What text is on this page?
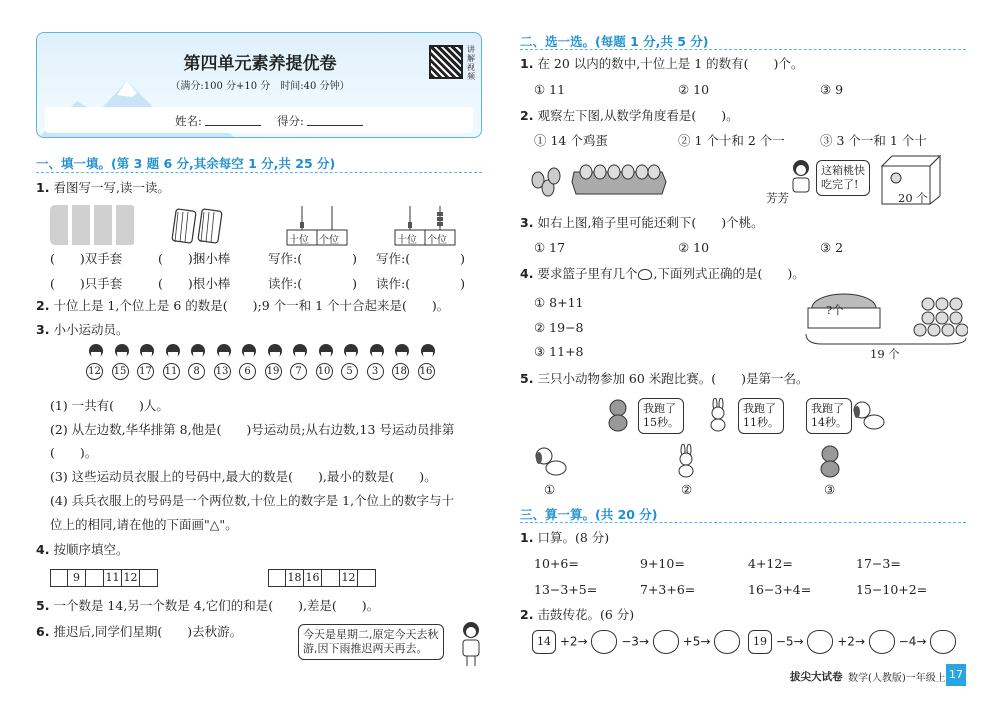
第四单元素养提优卷
（满分:100 分+10 分　时间:40 分钟）
讲解视频
姓名:	得分:
一、填一填。(第 3 题 6 分,其余每空 1 分,共 25 分)
1. 看图写一写,读一读。
十位 个位	十位 个位
(　　)双手套	(　　)捆小棒	写作:(　　　　) 写作:(　　　　)
(　　)只手套	(　　)根小棒	读作:(　　　　) 读作:(　　　　)
2. 十位上是 1,个位上是 6 的数是(　　);9 个一和 1 个十合起来是(　　)。
3. 小小运动员。
12	15	17	11	8	13	6	19	7	10	5	3	18	16
(1) 一共有(　　)人。
(2) 从左边数,华华排第 8,他是(　　)号运动员;从右边数,13 号运动员排第
(　　)。
(3) 这些运动员衣服上的号码中,最大的数是(　　),最小的数是(　　)。
(4) 兵兵衣服上的号码是一个两位数,十位上的数字是 1,个位上的数字与十
位上的相同,请在他的下面画"△"。
4. 按顺序填空。
9	11 12	18 16 12
5. 一个数是 14,另一个数是 4,它们的和是(　　),差是(　　)。
6. 推迟后,同学们星期(　　)去秋游。	今天是星期二,原定今天去秋
游,因下雨推迟两天再去。
二、选一选。(每题 1 分,共 5 分)
1. 在 20 以内的数中,十位上是 1 的数有(　　)个。
① 11	② 10	③ 9
2. 观察左下图,从数学角度看是(　　)。
① 14 个鸡蛋	② 1 个十和 2 个一	③ 3 个一和 1 个十
芳芳
这箱桃快
吃完了!
20 个
3. 如右上图,箱子里可能还剩下(　　)个桃。
① 17	② 10	③ 2
4. 要求篮子里有几个 ,下面列式正确的是(　　)。
① 8+11
② 19−8
③ 11+8
?个
19 个
5. 三只小动物参加 60 米跑比赛。(　　)是第一名。
我跑了
15秒。
我跑了
11秒。
我跑了
14秒。
①	②	③
三、算一算。(共 20 分)
1. 口算。(8 分)
10+6=	9+10=	4+12=	17−3=
13−3+5=	7+3+6=	16−3+4=	15−10+2=
2. 击鼓传花。(6 分)
14 +2→	−3→	+5→	19 −5→	+2→	−4→
拔尖大试卷 数学(人教版)一年级上 17
